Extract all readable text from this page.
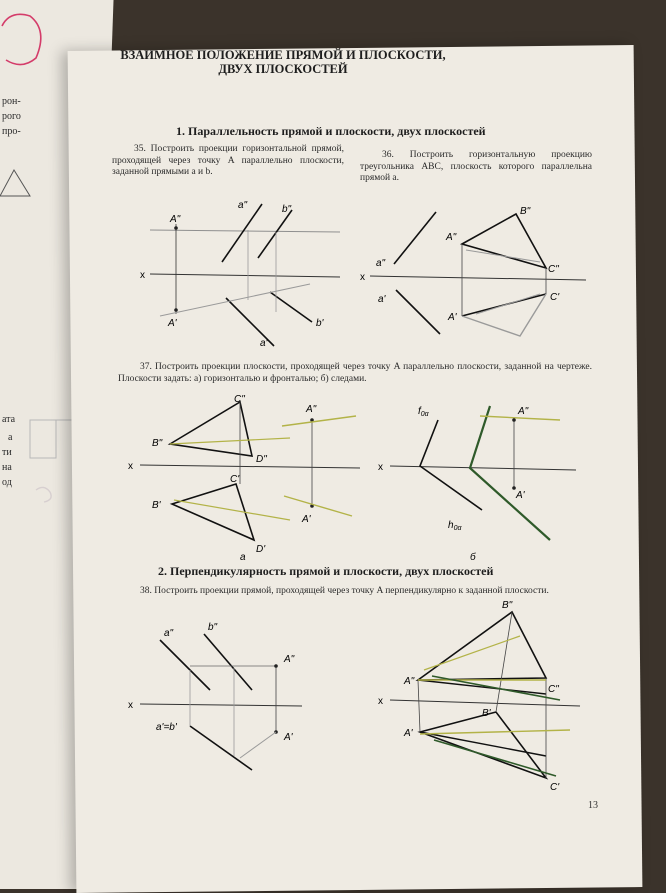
рон-
рого
про-
ата
а
ти
на
од
ВЗАИМНОЕ ПОЛОЖЕНИЕ ПРЯМОЙ И ПЛОСКОСТИ,
ДВУХ ПЛОСКОСТЕЙ
1. Параллельность прямой и плоскости, двух плоскостей
35. Построить проекции горизонтальной прямой, проходящей через точку A параллельно плоскости, заданной прямыми a и b.
36. Построить горизонтальную проекцию треугольника ABC, плоскость которого параллельна прямой a.
37. Построить проекции плоскости, проходящей через точку A параллельно плоскости, заданной на чертеже. Плоскости задать: а) горизонталью и фронталью; б) следами.
2. Перпендикулярность прямой и плоскости, двух плоскостей
38. Построить проекции прямой, проходящей через точку A перпендикулярно к заданной плоскости.
13
x
A"
A'
a"	b"
a'
b'
x
a"
a'
A"
B"
C"
C'
A'
x
C"
B"
D"
C'
B'
D'
A"
A'
а
x
$f_{0\alpha}$
$h_{0\alpha}$
A"
A'
б
x
a"
b"
A"
A'
a'=b'
x
B"
A"
C"
B'
A'
C'
